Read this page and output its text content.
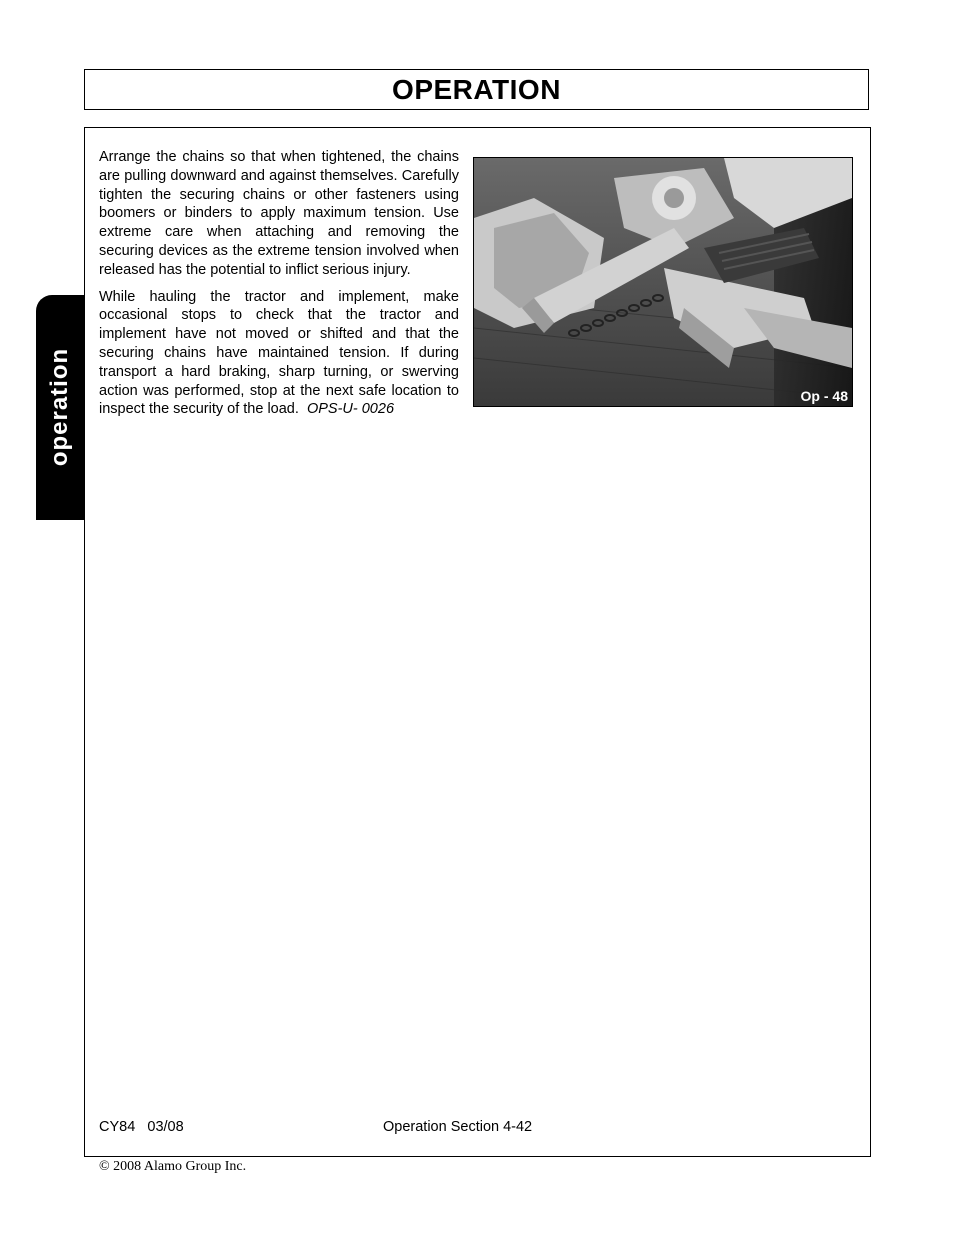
OPERATION
operation

Arrange the chains so that when tightened, the chains are pulling downward and against themselves. Carefully tighten the securing chains or other fasteners using boomers or binders to apply maximum tension. Use extreme care when attaching and removing the securing devices as the extreme tension involved when released has the potential to inflict serious injury.

While hauling the tractor and implement, make occasional stops to check that the tractor and implement have not moved or shifted and that the securing chains have maintained tension. If during transport a hard braking, sharp turning, or swerving action was performed, stop at the next safe location to inspect the security of the load. OPS-U- 0026

Op - 48
CY84 03/08	Operation Section 4-42
© 2008 Alamo Group Inc.
